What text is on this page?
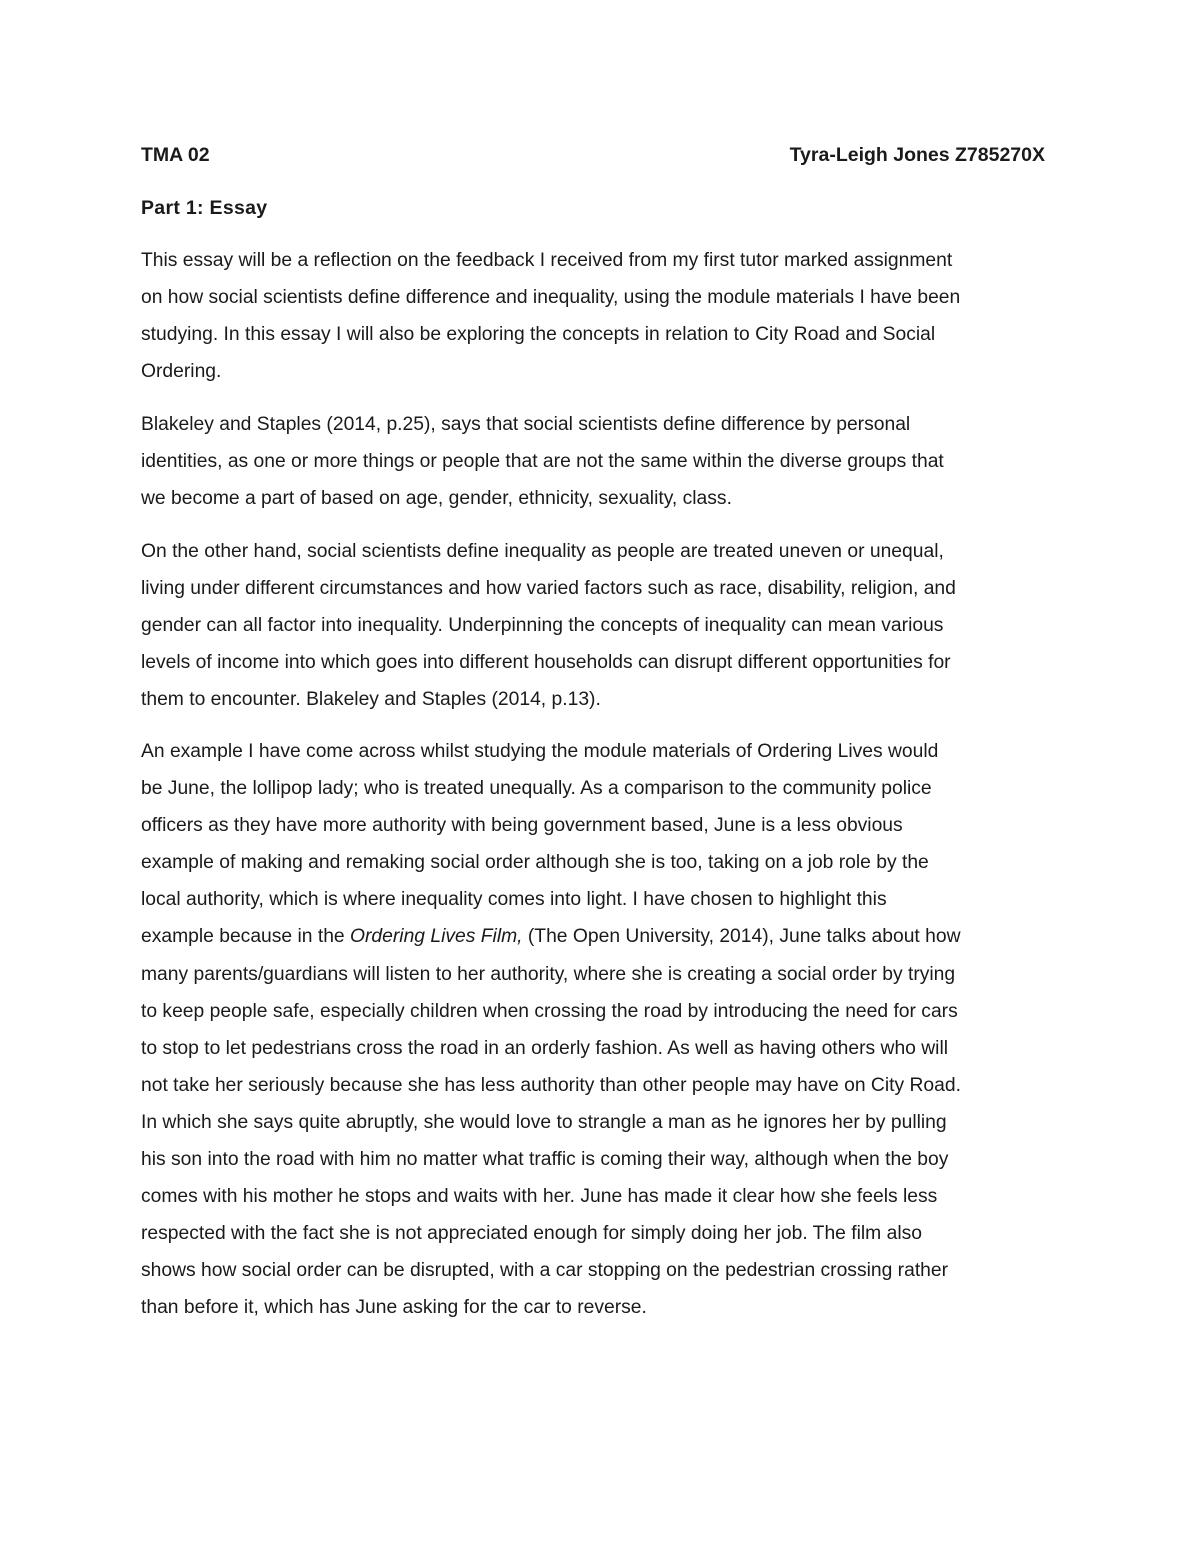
TMA 02	Tyra-Leigh Jones Z785270X
Part 1: Essay

This essay will be a reflection on the feedback I received from my first tutor marked assignment
on how social scientists define difference and inequality, using the module materials I have been
studying. In this essay I will also be exploring the concepts in relation to City Road and Social
Ordering.

Blakeley and Staples (2014, p.25), says that social scientists define difference by personal
identities, as one or more things or people that are not the same within the diverse groups that
we become a part of based on age, gender, ethnicity, sexuality, class.

On the other hand, social scientists define inequality as people are treated uneven or unequal,
living under different circumstances and how varied factors such as race, disability, religion, and
gender can all factor into inequality. Underpinning the concepts of inequality can mean various
levels of income into which goes into different households can disrupt different opportunities for
them to encounter. Blakeley and Staples (2014, p.13).

An example I have come across whilst studying the module materials of Ordering Lives would
be June, the lollipop lady; who is treated unequally. As a comparison to the community police
officers as they have more authority with being government based, June is a less obvious
example of making and remaking social order although she is too, taking on a job role by the
local authority, which is where inequality comes into light. I have chosen to highlight this
example because in the Ordering Lives Film, (The Open University, 2014), June talks about how
many parents/guardians will listen to her authority, where she is creating a social order by trying
to keep people safe, especially children when crossing the road by introducing the need for cars
to stop to let pedestrians cross the road in an orderly fashion. As well as having others who will
not take her seriously because she has less authority than other people may have on City Road.
In which she says quite abruptly, she would love to strangle a man as he ignores her by pulling
his son into the road with him no matter what traffic is coming their way, although when the boy
comes with his mother he stops and waits with her. June has made it clear how she feels less
respected with the fact she is not appreciated enough for simply doing her job. The film also
shows how social order can be disrupted, with a car stopping on the pedestrian crossing rather
than before it, which has June asking for the car to reverse.
